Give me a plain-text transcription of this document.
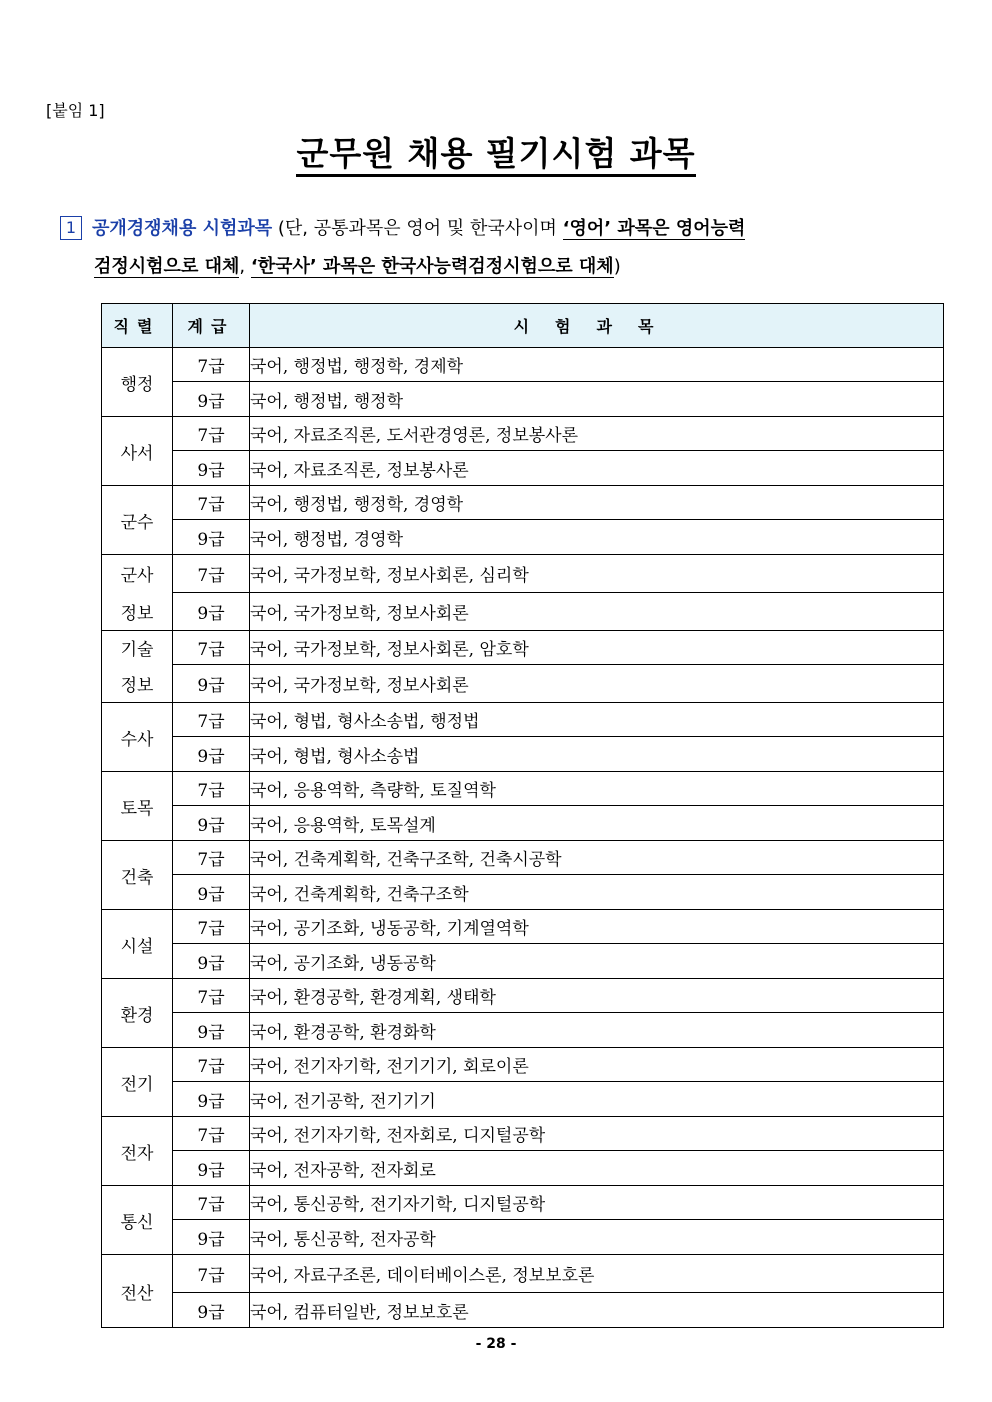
[붙임 1]
군무원 채용 필기시험 과목
1 공개경쟁채용 시험과목 (단, 공통과목은 영어 및 한국사이며 ‘영어’ 과목은 영어능력
검정시험으로 대체, ‘한국사’ 과목은 한국사능력검정시험으로 대체)
직렬	계급	시험과목
행정	7급	국어, 행정법, 행정학, 경제학
	9급	국어, 행정법, 행정학
사서	7급	국어, 자료조직론, 도서관경영론, 정보봉사론
	9급	국어, 자료조직론, 정보봉사론
군수	7급	국어, 행정법, 행정학, 경영학
	9급	국어, 행정법, 경영학
군사	7급	국어, 국가정보학, 정보사회론, 심리학
정보	9급	국어, 국가정보학, 정보사회론
기술	7급	국어, 국가정보학, 정보사회론, 암호학
정보	9급	국어, 국가정보학, 정보사회론
수사	7급	국어, 형법, 형사소송법, 행정법
	9급	국어, 형법, 형사소송법
토목	7급	국어, 응용역학, 측량학, 토질역학
	9급	국어, 응용역학, 토목설계
건축	7급	국어, 건축계획학, 건축구조학, 건축시공학
	9급	국어, 건축계획학, 건축구조학
시설	7급	국어, 공기조화, 냉동공학, 기계열역학
	9급	국어, 공기조화, 냉동공학
환경	7급	국어, 환경공학, 환경계획, 생태학
	9급	국어, 환경공학, 환경화학
전기	7급	국어, 전기자기학, 전기기기, 회로이론
	9급	국어, 전기공학, 전기기기
전자	7급	국어, 전기자기학, 전자회로, 디지털공학
	9급	국어, 전자공학, 전자회로
통신	7급	국어, 통신공학, 전기자기학, 디지털공학
	9급	국어, 통신공학, 전자공학
전산	7급	국어, 자료구조론, 데이터베이스론, 정보보호론
	9급	국어, 컴퓨터일반, 정보보호론
- 28 -
